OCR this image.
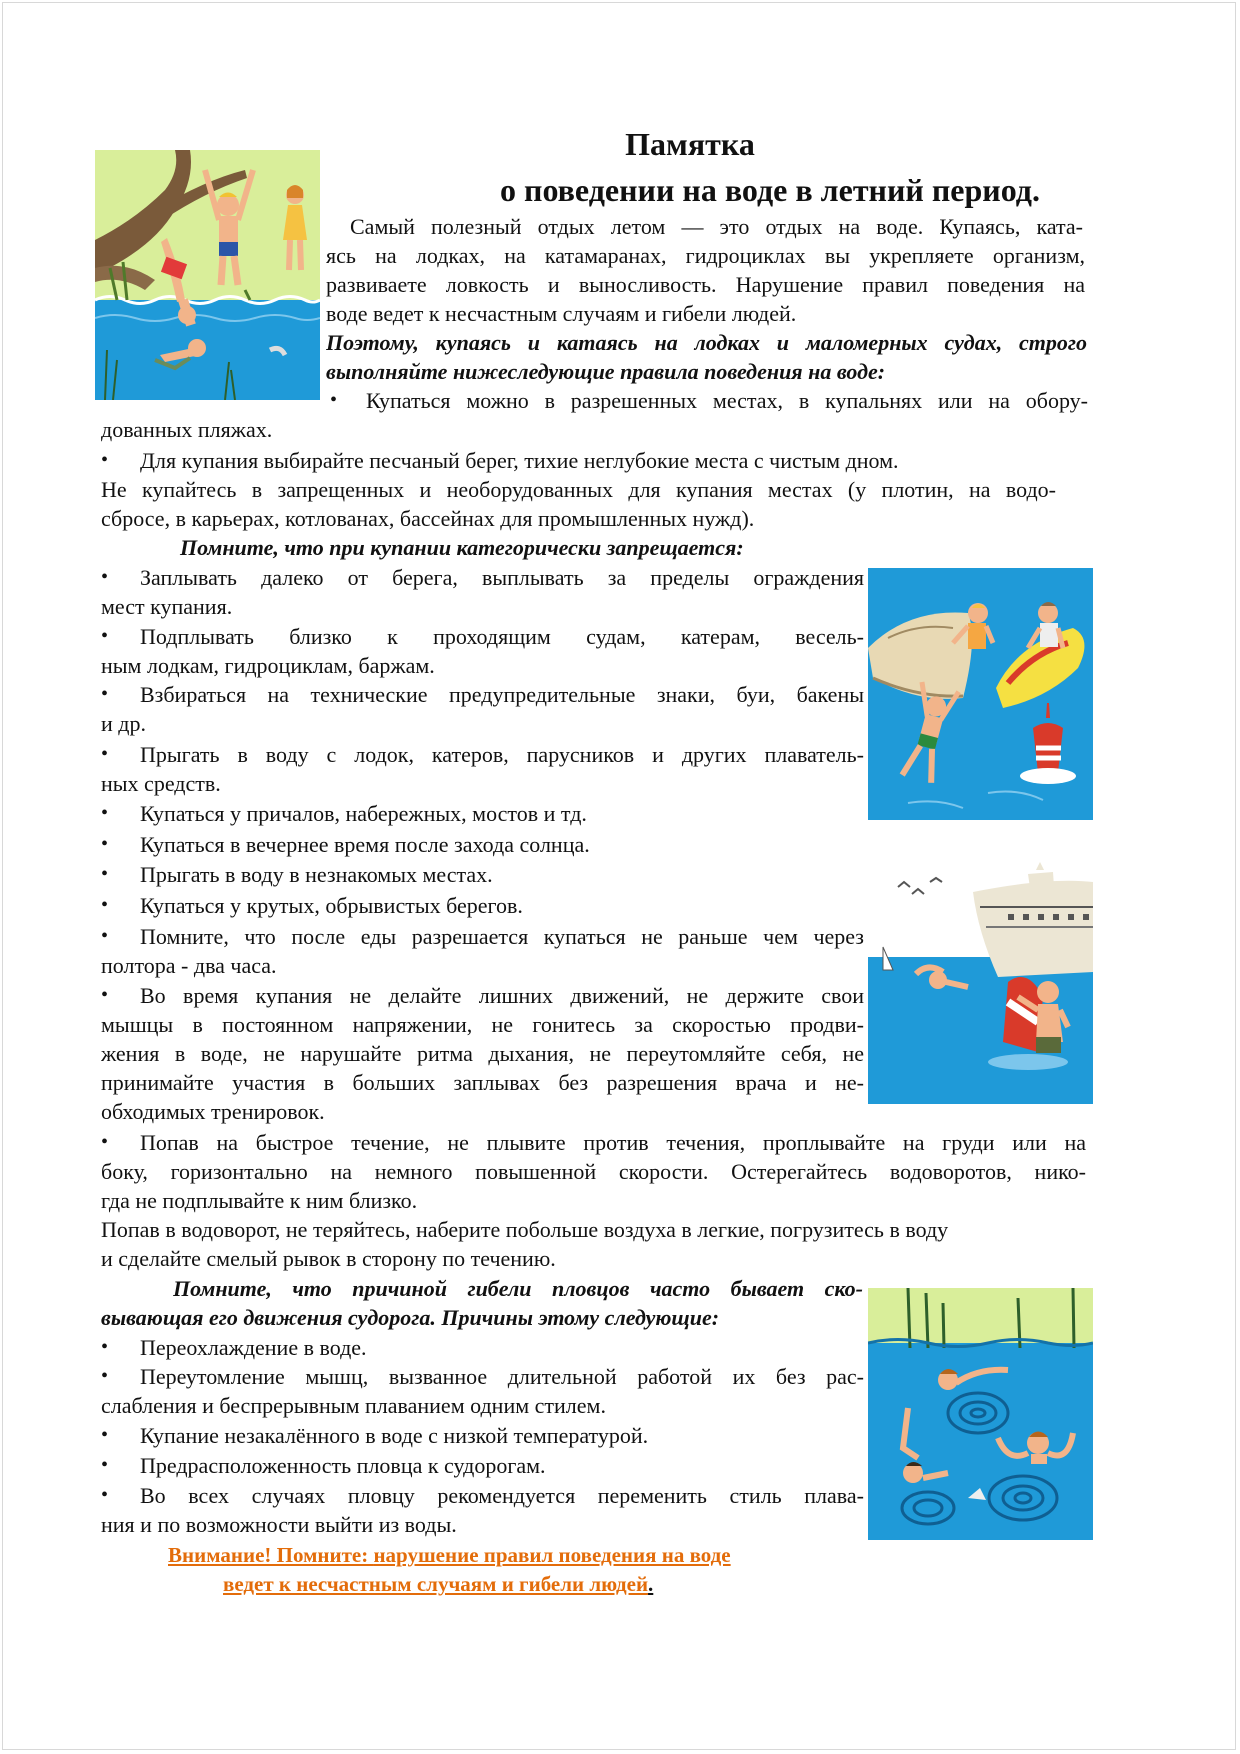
Памятка
о поведении на воде в летний период.
Самый полезный отдых летом — это отдых на воде. Купаясь, ката-
ясь на лодках, на катамаранах, гидроциклах вы укрепляете организм,
развиваете ловкость и выносливость. Нарушение правил поведения на
воде ведет к несчастным случаям и гибели людей.
Поэтому, купаясь и катаясь на лодках и маломерных судах, строго
выполняйте нижеследующие правила поведения на воде:
• Купаться можно в разрешенных местах, в купальнях или на обору-
дованных пляжах.
• Для купания выбирайте песчаный берег, тихие неглубокие места с чистым дном.
Не купайтесь в запрещенных и необорудованных для купания местах (у плотин, на водо-
сбросе, в карьерах, котлованах, бассейнах для промышленных нужд).
Помните, что при купании категорически запрещается:
• Заплывать далеко от берега, выплывать за пределы ограждения
мест купания.
• Подплывать близко к проходящим судам, катерам, весель-
ным лодкам, гидроциклам, баржам.
• Взбираться на технические предупредительные знаки, буи, бакены
и др.
• Прыгать в воду с лодок, катеров, парусников и других плаватель-
ных средств.
• Купаться у причалов, набережных, мостов и тд.
• Купаться в вечернее время после захода солнца.
• Прыгать в воду в незнакомых местах.
• Купаться у крутых, обрывистых берегов.
• Помните, что после еды разрешается купаться не раньше чем через
полтора - два часа.
• Во время купания не делайте лишних движений, не держите свои
мышцы в постоянном напряжении, не гонитесь за скоростью продви-
жения в воде, не нарушайте ритма дыхания, не переутомляйте себя, не
принимайте участия в больших заплывах без разрешения врача и не-
обходимых тренировок.
• Попав на быстрое течение, не плывите против течения, проплывайте на груди или на
боку, горизонтально на немного повышенной скорости. Остерегайтесь водоворотов, нико-
гда не подплывайте к ним близко.
Попав в водоворот, не теряйтесь, наберите побольше воздуха в легкие, погрузитесь в воду
и сделайте смелый рывок в сторону по течению.
Помните, что причиной гибели пловцов часто бывает ско-
вывающая его движения судорога. Причины этому следующие:
• Переохлаждение в воде.
• Переутомление мышц, вызванное длительной работой их без рас-
слабления и беспрерывным плаванием одним стилем.
• Купание незакалённого в воде с низкой температурой.
• Предрасположенность пловца к судорогам.
• Во всех случаях пловцу рекомендуется переменить стиль плава-
ния и по возможности выйти из воды.
Внимание! Помните: нарушение правил поведения на воде
ведет к несчастным случаям и гибели людей.
